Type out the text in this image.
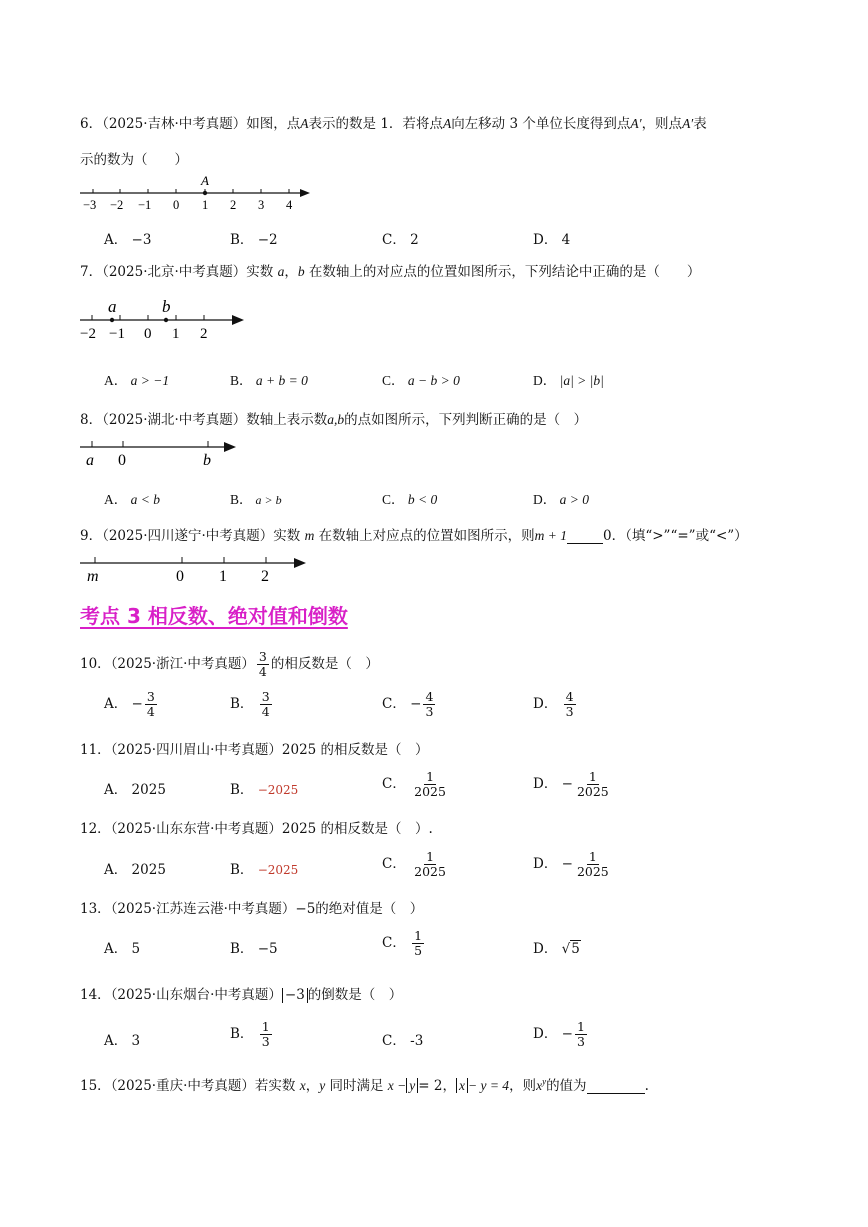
6．（2025·吉林·中考真题）如图，点A表示的数是 1．若将点A向左移动 3 个单位长度得到点A′，则点A′表
示的数为（　　）
A
−3 −2 −1 0 1 2 3 4
A． −3	B． −2	C． 2	D． 4
7．（2025·北京·中考真题）实数 a，b 在数轴上的对应点的位置如图所示，下列结论中正确的是（　　）
a	b
−2 −1 0 1 2
A． a > −1	B． a + b = 0	C． a − b > 0	D． |a| > |b|
8．（2025·湖北·中考真题）数轴上表示数a,b的点如图所示，下列判断正确的是（　）
a 0	b
A． a < b	B． a > b	C． b < 0	D． a > 0
9．（2025·四川遂宁·中考真题）实数 m 在数轴上对应点的位置如图所示，则m + 1	0．（填“>”“=”或“<”）
m	0 1 2
考点 3 相反数、绝对值和倒数
10．（2025·浙江·中考真题） $\frac{3}{4}$ 的相反数是（　）
A． − $\frac{3}{4}$	B． $\frac{3}{4}$	C． − $\frac{4}{3}$	D． $\frac{4}{3}$
11．（2025·四川眉山·中考真题）2025 的相反数是（　）
A． 2025	B． −2025	C． $\frac{1}{2025}$	D． − $\frac{1}{2025}$
12．（2025·山东东营·中考真题）2025 的相反数是（　）.
A． 2025	B． −2025	C． $\frac{1}{2025}$	D． − $\frac{1}{2025}$
13．（2025·江苏连云港·中考真题）−5的绝对值是（　）
A． 5	B． −5	C． $\frac{1}{5}$	D． √5
14．（2025·山东烟台·中考真题） −3 的倒数是（　）
A． 3	B． $\frac{1}{3}$	C． -3	D． − $\frac{1}{3}$
15．（2025·重庆·中考真题）若实数 x，y 同时满足 x − y = 2， x − y = 4，则$x^y$的值为	.
